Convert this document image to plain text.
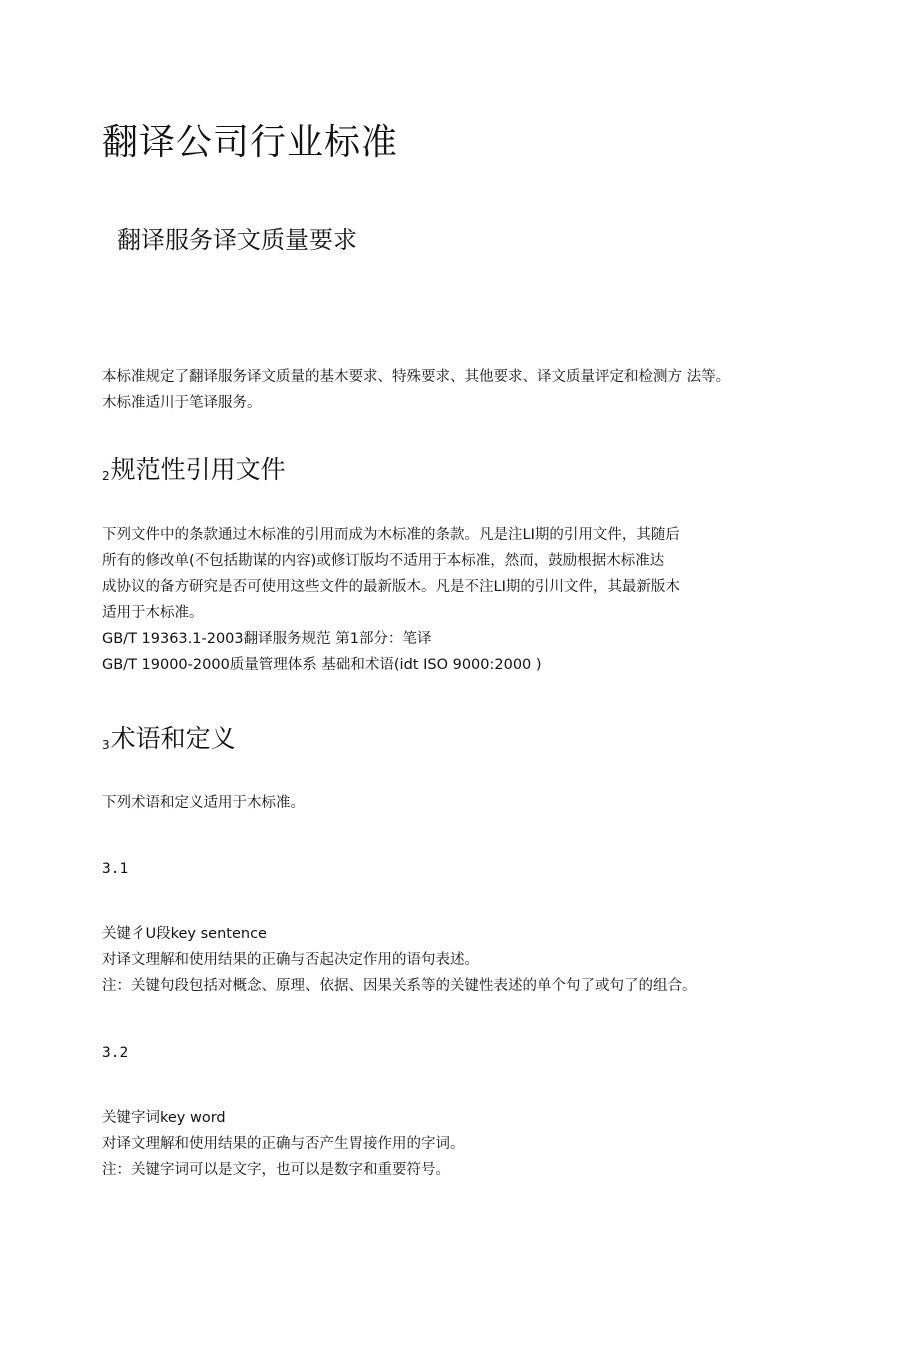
翻译公司行业标准
翻译服务译文质量要求
本标准规定了翻译服务译文质量的基木要求、特殊要求、其他要求、译文质量评定和检测方 法等。
木标准适川于笔译服务。
2规范性引用文件
下列文件中的条款通过木标准的引用而成为木标准的条款。凡是注LI期的引用文件，其随后
所有的修改单(不包括勘谋的内容)或修订版均不适用于本标准，然而，鼓励根据木标准达
成协议的备方研究是否可使用这些文件的最新版木。凡是不注LI期的引川文件，其最新版木
适用于木标准。
GB/T 19363.1-2003翻译服务规范 第1部分：笔译
GB/T 19000-2000质量管理体系 基础和术语(idt ISO 9000:2000 )
3术语和定义
下列术语和定义适用于木标准。
3.1
关键彳U段key sentence
对译文理解和使用结果的正确与否起决定作用的语句表述。
注：关键句段包括对概念、原理、依据、因果关系等的关键性表述的单个句了或句了的组合。
3.2
关键字词key word
对译文理解和使用结果的正确与否产生胃接作用的字词。
注：关键字词可以是文字，也可以是数字和重要符号。
